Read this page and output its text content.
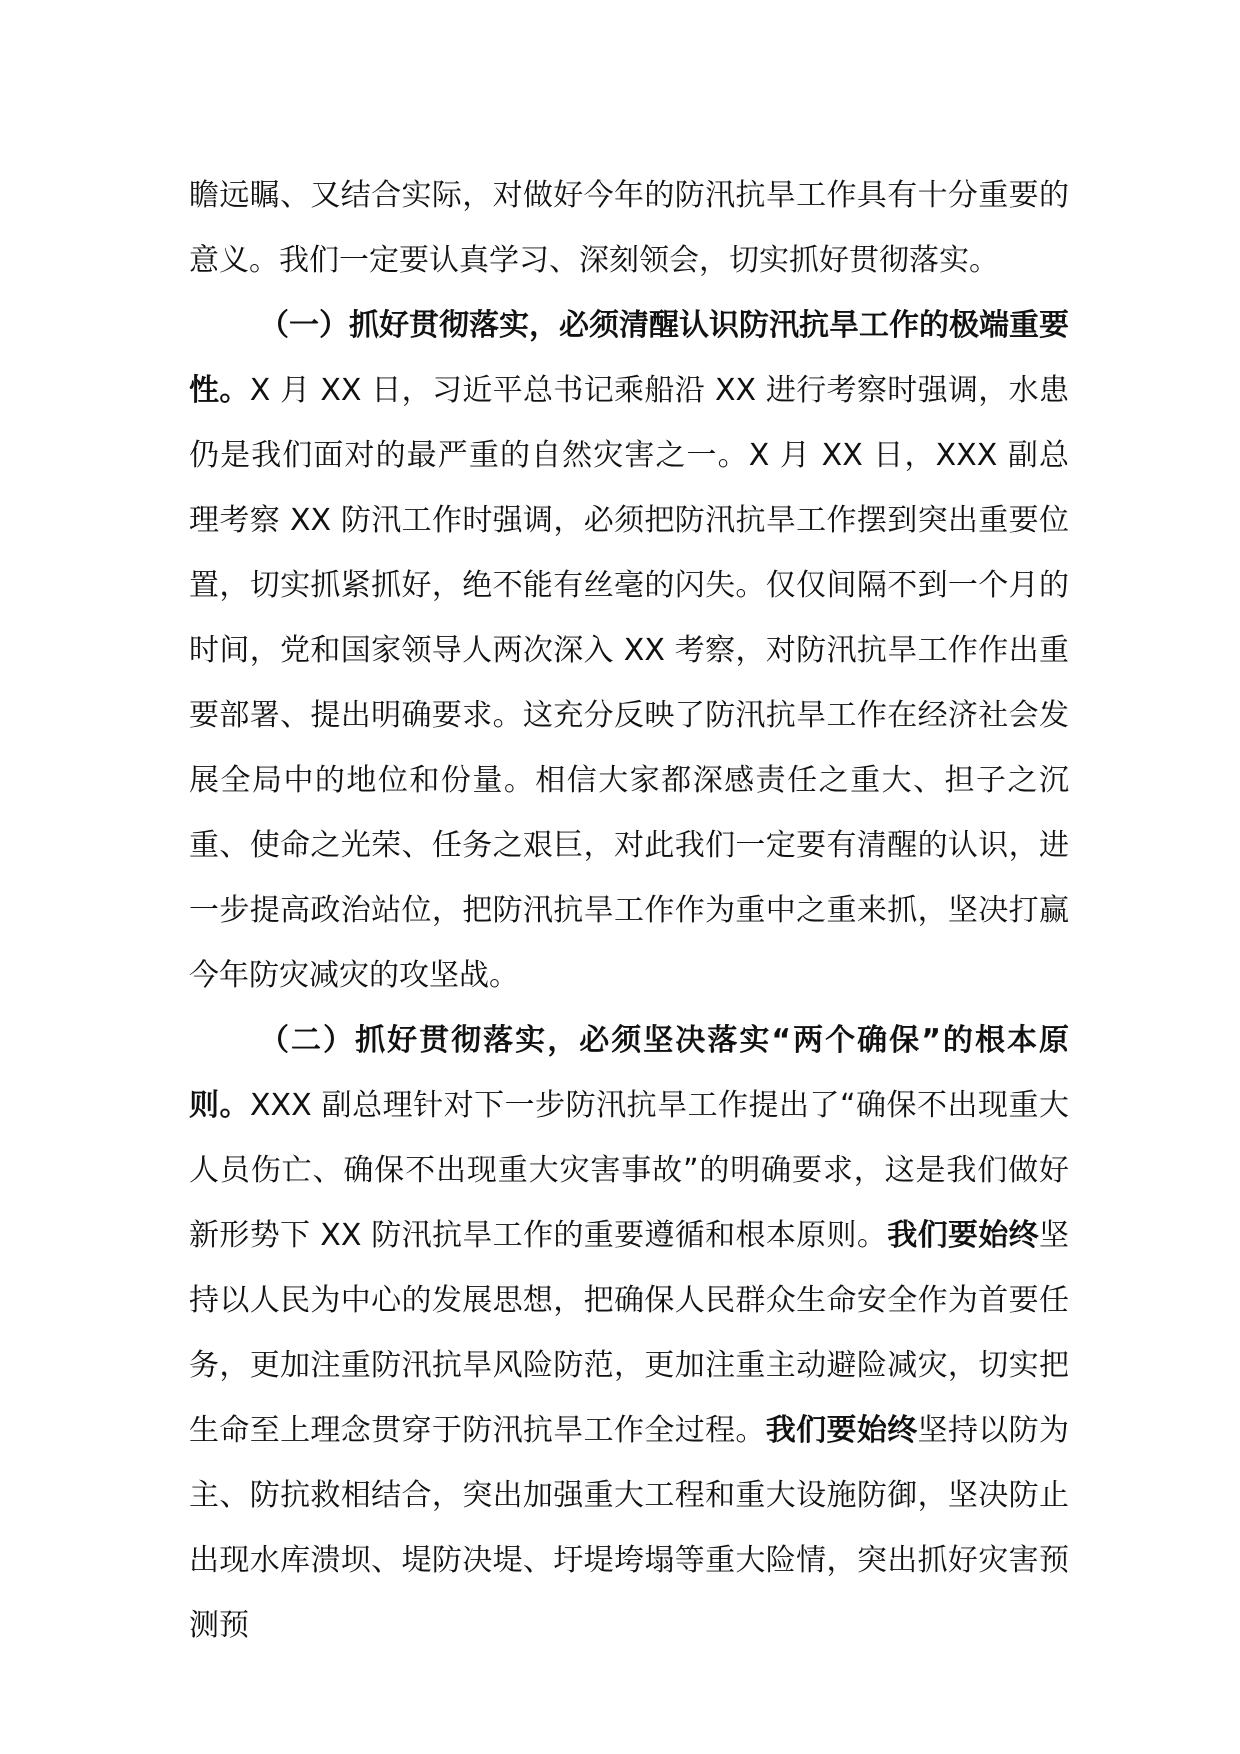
瞻远瞩、又结合实际，对做好今年的防汛抗旱工作具有十分重要的意义。我们一定要认真学习、深刻领会，切实抓好贯彻落实。

（一）抓好贯彻落实，必须清醒认识防汛抗旱工作的极端重要性。X 月 XX 日，习近平总书记乘船沿 XX 进行考察时强调，水患仍是我们面对的最严重的自然灾害之一。X 月 XX 日，XXX 副总理考察 XX 防汛工作时强调，必须把防汛抗旱工作摆到突出重要位置，切实抓紧抓好，绝不能有丝毫的闪失。仅仅间隔不到一个月的时间，党和国家领导人两次深入 XX 考察，对防汛抗旱工作作出重要部署、提出明确要求。这充分反映了防汛抗旱工作在经济社会发展全局中的地位和份量。相信大家都深感责任之重大、担子之沉重、使命之光荣、任务之艰巨，对此我们一定要有清醒的认识，进一步提高政治站位，把防汛抗旱工作作为重中之重来抓，坚决打赢今年防灾减灾的攻坚战。

（二）抓好贯彻落实，必须坚决落实“两个确保”的根本原则。XXX 副总理针对下一步防汛抗旱工作提出了“确保不出现重大人员伤亡、确保不出现重大灾害事故”的明确要求，这是我们做好新形势下 XX 防汛抗旱工作的重要遵循和根本原则。我们要始终坚持以人民为中心的发展思想，把确保人民群众生命安全作为首要任务，更加注重防汛抗旱风险防范，更加注重主动避险减灾，切实把生命至上理念贯穿于防汛抗旱工作全过程。我们要始终坚持以防为主、防抗救相结合，突出加强重大工程和重大设施防御，坚决防止出现水库溃坝、堤防决堤、圩堤垮塌等重大险情，突出抓好灾害预测预
